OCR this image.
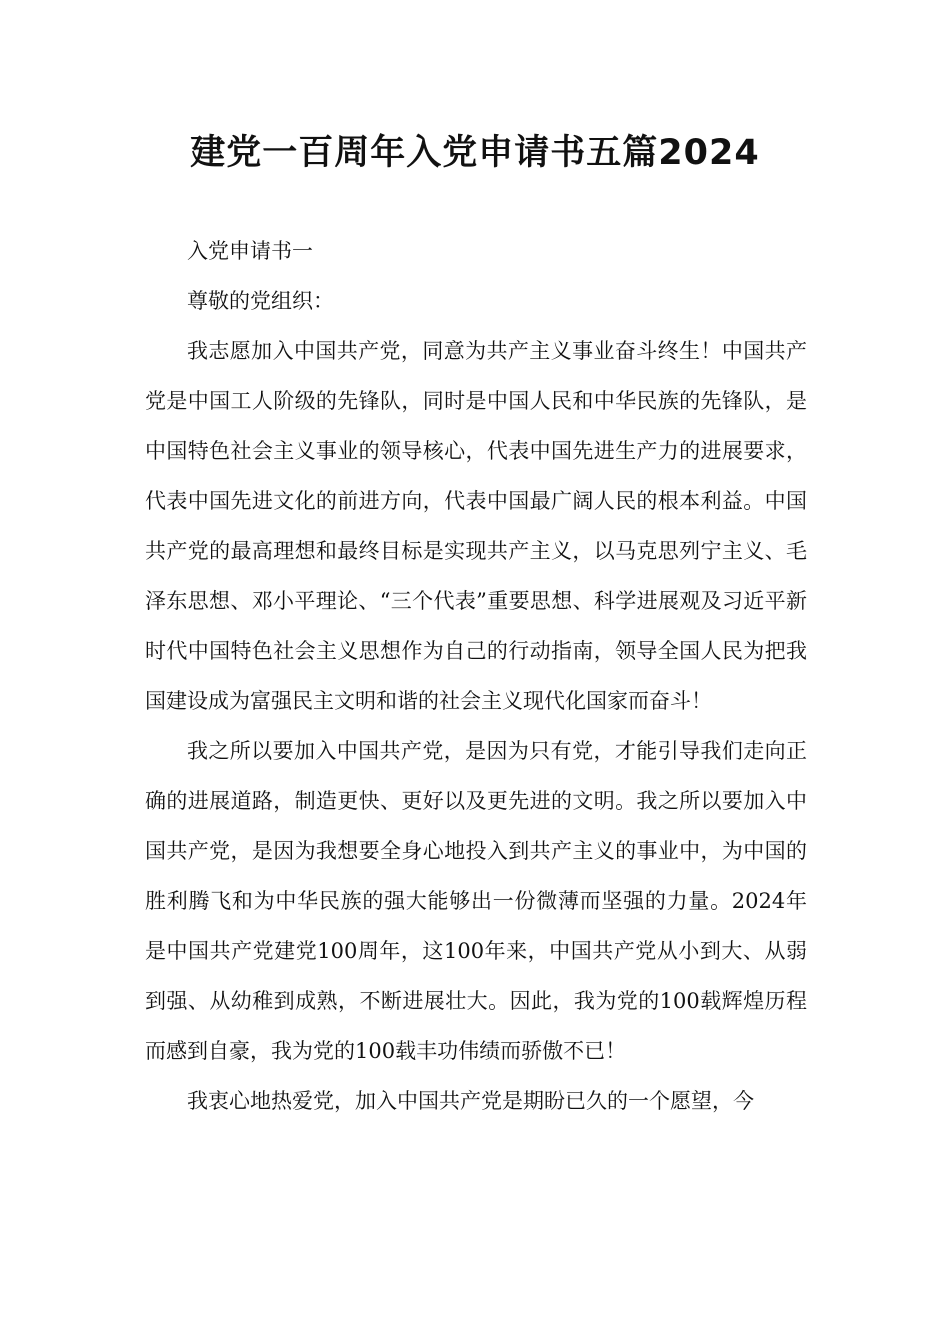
建党一百周年入党申请书五篇2024

入党申请书一

尊敬的党组织：

我志愿加入中国共产党，同意为共产主义事业奋斗终生！中国共产党是中国工人阶级的先锋队，同时是中国人民和中华民族的先锋队，是中国特色社会主义事业的领导核心，代表中国先进生产力的进展要求，代表中国先进文化的前进方向，代表中国最广阔人民的根本利益。中国共产党的最高理想和最终目标是实现共产主义，以马克思列宁主义、毛泽东思想、邓小平理论、“三个代表”重要思想、科学进展观及习近平新时代中国特色社会主义思想作为自己的行动指南，领导全国人民为把我国建设成为富强民主文明和谐的社会主义现代化国家而奋斗！

我之所以要加入中国共产党，是因为只有党，才能引导我们走向正确的进展道路，制造更快、更好以及更先进的文明。我之所以要加入中国共产党，是因为我想要全身心地投入到共产主义的事业中，为中国的胜利腾飞和为中华民族的强大能够出一份微薄而坚强的力量。2024年是中国共产党建党100周年，这100年来，中国共产党从小到大、从弱到强、从幼稚到成熟，不断进展壮大。因此，我为党的100载辉煌历程而感到自豪，我为党的100载丰功伟绩而骄傲不已！

我衷心地热爱党，加入中国共产党是期盼已久的一个愿望，今
